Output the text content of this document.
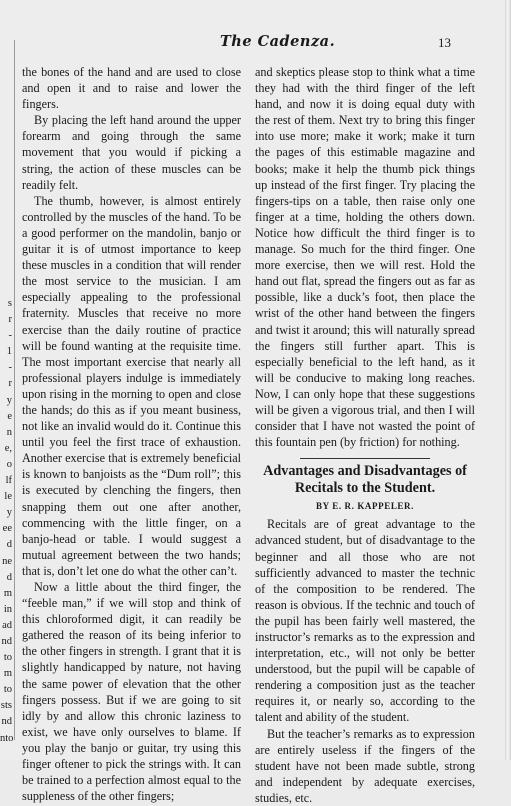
s
r
-
1
-
r
y
e
n
e,
o
lf
le
y
ee
d
ne
d
m
in
ad
nd
to
m
to
sts
nd
nto
The Cadenza.	13

the bones of the hand and are used to close and open it and to raise and lower the fingers.

By placing the left hand around the upper forearm and going through the same movement that you would if picking a string, the action of these muscles can be readily felt.

The thumb, however, is almost entirely controlled by the muscles of the hand. To be a good performer on the mandolin, banjo or guitar it is of utmost importance to keep these muscles in a condition that will render the most service to the musician. I am especially appealing to the professional fraternity. Muscles that receive no more exercise than the daily routine of practice will be found wanting at the requisite time. The most important exercise that nearly all professional players indulge is immediately upon rising in the morning to open and close the hands; do this as if you meant business, not like an invalid would do it. Continue this until you feel the first trace of exhaustion. Another exercise that is extremely beneficial is known to banjoists as the “Dum roll”; this is executed by clenching the fingers, then snapping them out one after another, commencing with the little finger, on a banjo-head or table. I would suggest a mutual agreement between the two hands; that is, don’t let one do what the other can’t.

Now a little about the third finger, the “feeble man,” if we will stop and think of this chloroformed digit, it can readily be gathered the reason of its being inferior to the other fingers in strength. I grant that it is slightly handicapped by nature, not having the same power of elevation that the other fingers possess. But if we are going to sit idly by and allow this chronic laziness to exist, we have only ourselves to blame. If you play the banjo or guitar, try using this finger oftener to pick the strings with. It can be trained to a perfection almost equal to the suppleness of the other fingers;

and skeptics please stop to think what a time they had with the third finger of the left hand, and now it is doing equal duty with the rest of them. Next try to bring this finger into use more; make it work; make it turn the pages of this estimable magazine and books; make it help the thumb pick things up instead of the first finger. Try placing the fingers-tips on a table, then raise only one finger at a time, holding the others down. Notice how difficult the third finger is to manage. So much for the third finger. One more exercise, then we will rest. Hold the hand out flat, spread the fingers out as far as possible, like a duck’s foot, then place the wrist of the other hand between the fingers and twist it around; this will naturally spread the fingers still further apart. This is especially beneficial to the left hand, as it will be conducive to making long reaches. Now, I can only hope that these suggestions will be given a vigorous trial, and then I will consider that I have not wasted the point of this fountain pen (by friction) for nothing.

Advantages and Disadvantages of Recitals to the Student.
BY E. R. KAPPELER.

Recitals are of great advantage to the advanced student, but of disadvantage to the beginner and all those who are not sufficiently advanced to master the technic of the composition to be rendered. The reason is obvious. If the technic and touch of the pupil has been fairly well mastered, the instructor’s remarks as to the expression and interpretation, etc., will not only be better understood, but the pupil will be capable of rendering a composition just as the teacher requires it, or nearly so, according to the talent and ability of the student.

But the teacher’s remarks as to expression are entirely useless if the fingers of the student have not been made subtle, strong and independent by adequate exercises, studies, etc.
